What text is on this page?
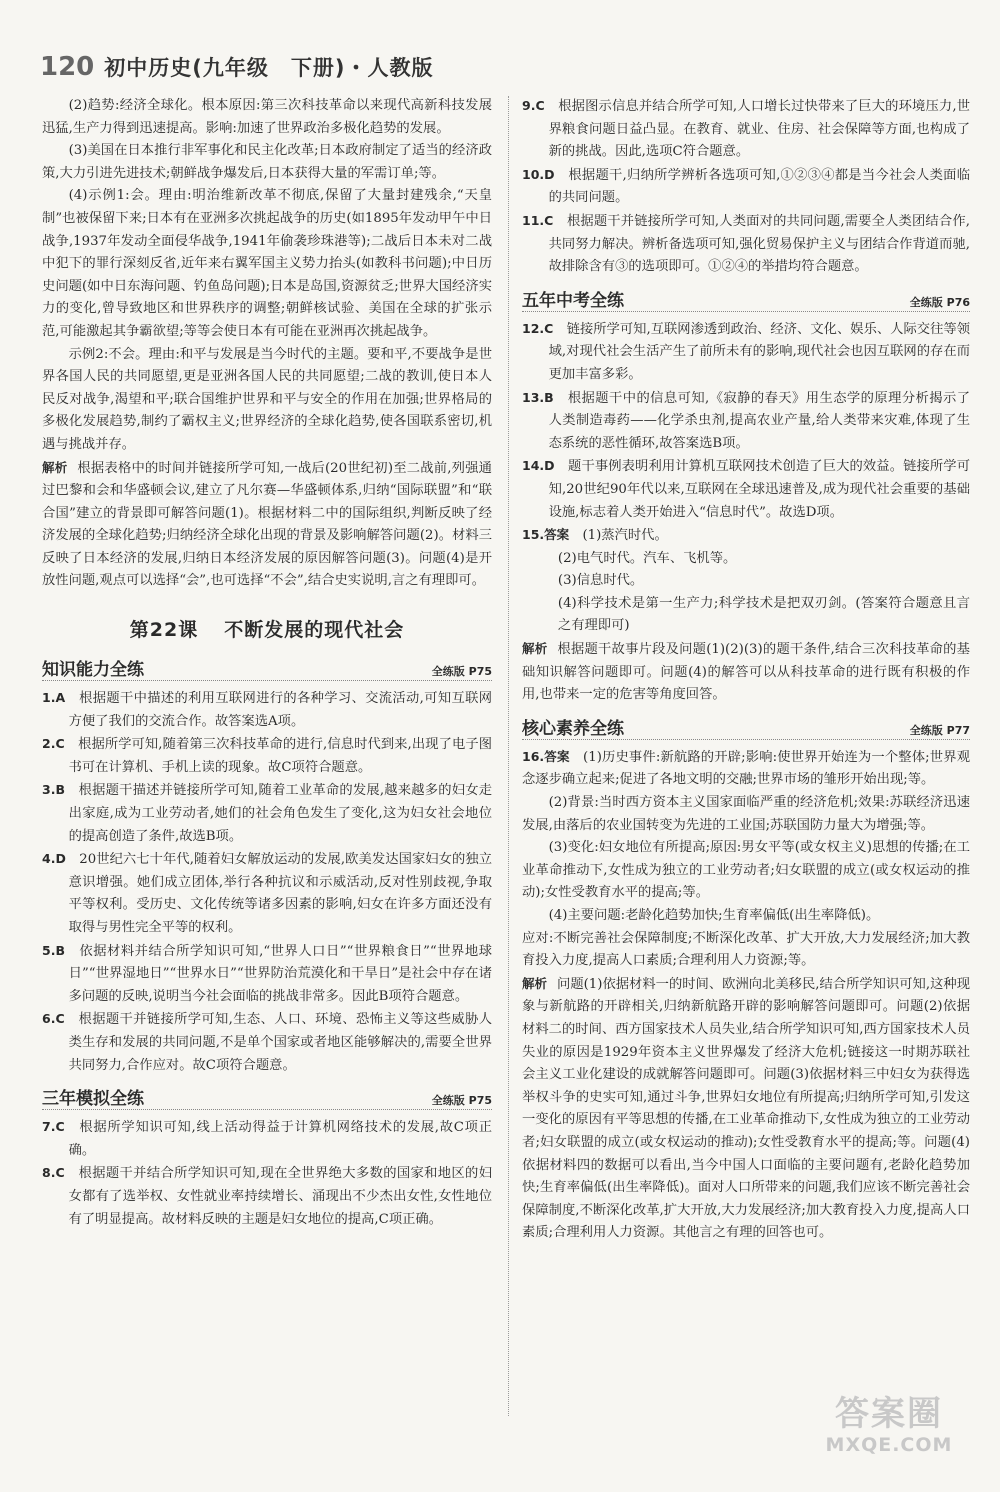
120 初中历史(九年级　下册)・人教版

(2)趋势:经济全球化。根本原因:第三次科技革命以来现代高新科技发展迅猛,生产力得到迅速提高。影响:加速了世界政治多极化趋势的发展。

(3)美国在日本推行非军事化和民主化改革;日本政府制定了适当的经济政策,大力引进先进技术;朝鲜战争爆发后,日本获得大量的军需订单;等。

(4)示例1:会。理由:明治维新改革不彻底,保留了大量封建残余,“天皇制”也被保留下来;日本有在亚洲多次挑起战争的历史(如1895年发动甲午中日战争,1937年发动全面侵华战争,1941年偷袭珍珠港等);二战后日本未对二战中犯下的罪行深刻反省,近年来右翼军国主义势力抬头(如教科书问题);中日历史问题(如中日东海问题、钓鱼岛问题);日本是岛国,资源贫乏;世界大国经济实力的变化,曾导致地区和世界秩序的调整;朝鲜核试验、美国在全球的扩张示范,可能激起其争霸欲望;等等会使日本有可能在亚洲再次挑起战争。

示例2:不会。理由:和平与发展是当今时代的主题。要和平,不要战争是世界各国人民的共同愿望,更是亚洲各国人民的共同愿望;二战的教训,使日本人民反对战争,渴望和平;联合国维护世界和平与安全的作用在加强;世界格局的多极化发展趋势,制约了霸权主义;世界经济的全球化趋势,使各国联系密切,机遇与挑战并存。

解析 根据表格中的时间并链接所学可知,一战后(20世纪初)至二战前,列强通过巴黎和会和华盛顿会议,建立了凡尔赛—华盛顿体系,归纳“国际联盟”和“联合国”建立的背景即可解答问题(1)。根据材料二中的国际组织,判断反映了经济发展的全球化趋势;归纳经济全球化出现的背景及影响解答问题(2)。材料三反映了日本经济的发展,归纳日本经济发展的原因解答问题(3)。问题(4)是开放性问题,观点可以选择“会”,也可选择“不会”,结合史实说明,言之有理即可。

第22课 不断发展的现代社会
知识能力全练	全练版 P75

1.A　 根据题干中描述的利用互联网进行的各种学习、交流活动,可知互联网方便了我们的交流合作。故答案选A项。

2.C　 根据所学可知,随着第三次科技革命的进行,信息时代到来,出现了电子图书可在计算机、手机上读的现象。故C项符合题意。

3.B　 根据题干描述并链接所学可知,随着工业革命的发展,越来越多的妇女走出家庭,成为工业劳动者,她们的社会角色发生了变化,这为妇女社会地位的提高创造了条件,故选B项。

4.D　 20世纪六七十年代,随着妇女解放运动的发展,欧美发达国家妇女的独立意识增强。她们成立团体,举行各种抗议和示威活动,反对性别歧视,争取平等权利。受历史、文化传统等诸多因素的影响,妇女在许多方面还没有取得与男性完全平等的权利。

5.B　 依据材料并结合所学知识可知,“世界人口日”“世界粮食日”“世界地球日”“世界湿地日”“世界水日”“世界防治荒漠化和干旱日”是社会中存在诸多问题的反映,说明当今社会面临的挑战非常多。因此B项符合题意。

6.C　 根据题干并链接所学可知,生态、人口、环境、恐怖主义等这些威胁人类生存和发展的共同问题,不是单个国家或者地区能够解决的,需要全世界共同努力,合作应对。故C项符合题意。

三年模拟全练	全练版 P75

7.C　 根据所学知识可知,线上活动得益于计算机网络技术的发展,故C项正确。

8.C　 根据题干并结合所学知识可知,现在全世界绝大多数的国家和地区的妇女都有了选举权、女性就业率持续增长、涌现出不少杰出女性,女性地位有了明显提高。故材料反映的主题是妇女地位的提高,C项正确。

9.C　 根据图示信息并结合所学可知,人口增长过快带来了巨大的环境压力,世界粮食问题日益凸显。在教育、就业、住房、社会保障等方面,也构成了新的挑战。因此,选项C符合题意。

10.D　 根据题干,归纳所学辨析各选项可知,①②③④都是当今社会人类面临的共同问题。

11.C　 根据题干并链接所学可知,人类面对的共同问题,需要全人类团结合作,共同努力解决。辨析备选项可知,强化贸易保护主义与团结合作背道而驰,故排除含有③的选项即可。①②④的举措均符合题意。

五年中考全练	全练版 P76

12.C　 链接所学可知,互联网渗透到政治、经济、文化、娱乐、人际交往等领域,对现代社会生活产生了前所未有的影响,现代社会也因互联网的存在而更加丰富多彩。

13.B　 根据题干中的信息可知,《寂静的春天》用生态学的原理分析揭示了人类制造毒药——化学杀虫剂,提高农业产量,给人类带来灾难,体现了生态系统的恶性循环,故答案选B项。

14.D　 题干事例表明利用计算机互联网技术创造了巨大的效益。链接所学可知,20世纪90年代以来,互联网在全球迅速普及,成为现代社会重要的基础设施,标志着人类开始进入“信息时代”。故选D项。

15.答案　 (1)蒸汽时代。

(2)电气时代。汽车、飞机等。

(3)信息时代。

(4)科学技术是第一生产力;科学技术是把双刃剑。(答案符合题意且言之有理即可)

解析 根据题干故事片段及问题(1)(2)(3)的题干条件,结合三次科技革命的基础知识解答问题即可。问题(4)的解答可以从科技革命的进行既有积极的作用,也带来一定的危害等角度回答。

核心素养全练	全练版 P77

16.答案　 (1)历史事件:新航路的开辟;影响:使世界开始连为一个整体;世界观念逐步确立起来;促进了各地文明的交融;世界市场的雏形开始出现;等。

(2)背景:当时西方资本主义国家面临严重的经济危机;效果:苏联经济迅速发展,由落后的农业国转变为先进的工业国;苏联国防力量大为增强;等。

(3)变化:妇女地位有所提高;原因:男女平等(或女权主义)思想的传播;在工业革命推动下,女性成为独立的工业劳动者;妇女联盟的成立(或女权运动的推动);女性受教育水平的提高;等。

(4)主要问题:老龄化趋势加快;生育率偏低(出生率降低)。

应对:不断完善社会保障制度;不断深化改革、扩大开放,大力发展经济;加大教育投入力度,提高人口素质;合理利用人力资源;等。

解析 问题(1)依据材料一的时间、欧洲向北美移民,结合所学知识可知,这种现象与新航路的开辟相关,归纳新航路开辟的影响解答问题即可。问题(2)依据材料二的时间、西方国家技术人员失业,结合所学知识可知,西方国家技术人员失业的原因是1929年资本主义世界爆发了经济大危机;链接这一时期苏联社会主义工业化建设的成就解答问题即可。问题(3)依据材料三中妇女为获得选举权斗争的史实可知,通过斗争,世界妇女地位有所提高;归纳所学可知,引发这一变化的原因有平等思想的传播,在工业革命推动下,女性成为独立的工业劳动者;妇女联盟的成立(或女权运动的推动);女性受教育水平的提高;等。问题(4)依据材料四的数据可以看出,当今中国人口面临的主要问题有,老龄化趋势加快;生育率偏低(出生率降低)。面对人口所带来的问题,我们应该不断完善社会保障制度,不断深化改革,扩大开放,大力发展经济;加大教育投入力度,提高人口素质;合理利用人力资源。其他言之有理的回答也可。

答案圈
MXQE.COM
